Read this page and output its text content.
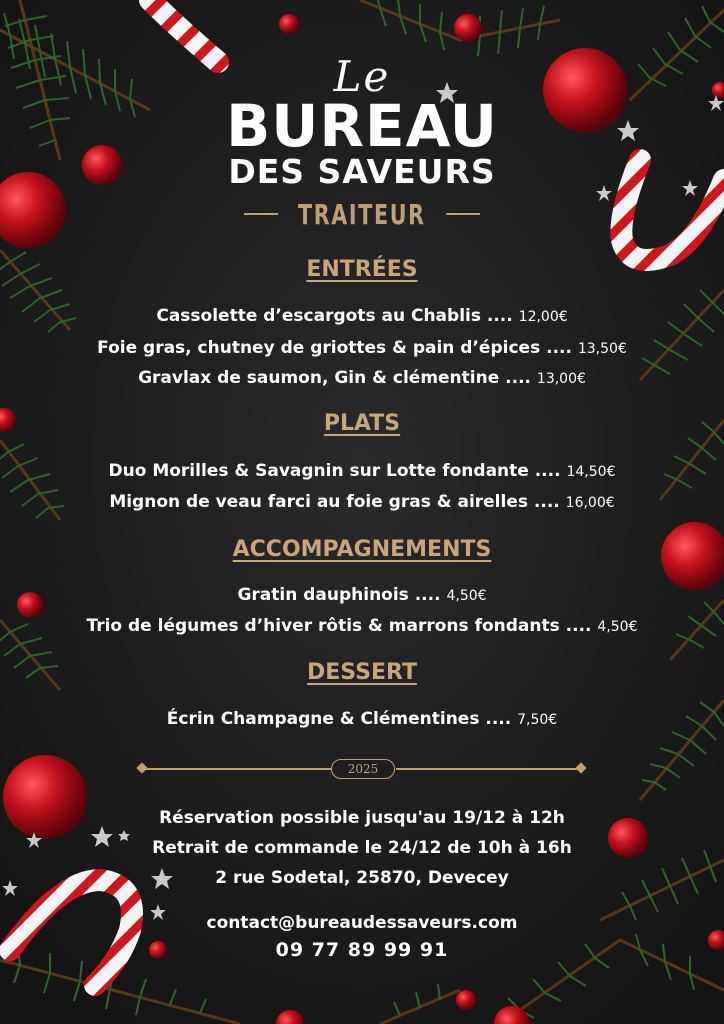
Le
BUREAU
DES SAVEURS
TRAITEUR
ENTRÉES
Cassolette d’escargots au Chablis .... 12,00€
Foie gras, chutney de griottes & pain d’épices .... 13,50€
Gravlax de saumon, Gin & clémentine .... 13,00€
PLATS
Duo Morilles & Savagnin sur Lotte fondante .... 14,50€
Mignon de veau farci au foie gras & airelles .... 16,00€
ACCOMPAGNEMENTS
Gratin dauphinois .... 4,50€
Trio de légumes d’hiver rôtis & marrons fondants .... 4,50€
DESSERT
Écrin Champagne & Clémentines .... 7,50€
2025
Réservation possible jusqu'au 19/12 à 12h
Retrait de commande le 24/12 de 10h à 16h
2 rue Sodetal, 25870, Devecey
contact@bureaudessaveurs.com
09 77 89 99 91
